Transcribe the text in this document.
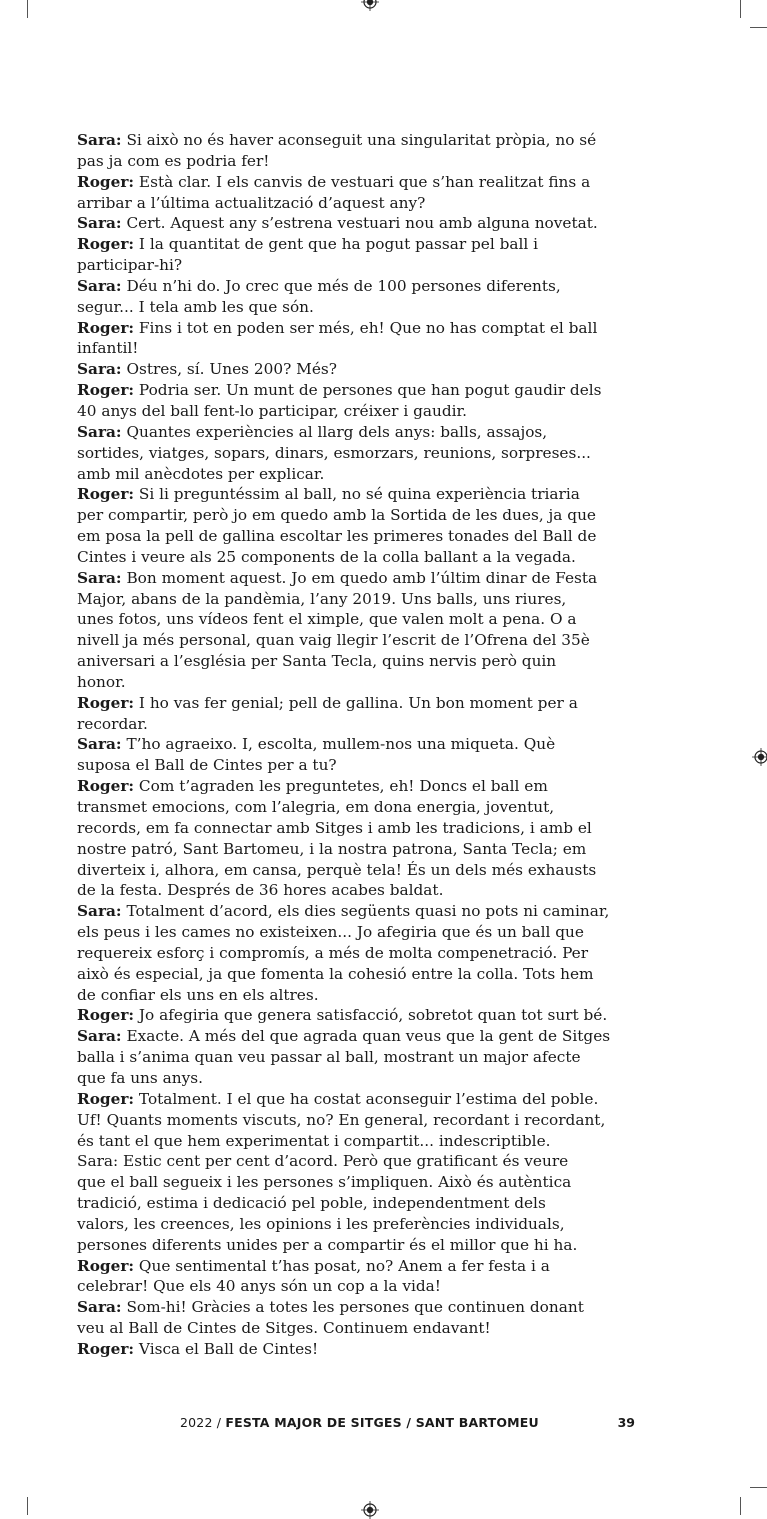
Sara: Si això no és haver aconseguit una singularitat pròpia, no sé
pas ja com es podria fer!
Roger: Està clar. I els canvis de vestuari que s’han realitzat fins a
arribar a l’última actualització d’aquest any?
Sara: Cert. Aquest any s’estrena vestuari nou amb alguna novetat.
Roger: I la quantitat de gent que ha pogut passar pel ball i
participar-hi?
Sara: Déu n’hi do. Jo crec que més de 100 persones diferents,
segur... I tela amb les que són.
Roger: Fins i tot en poden ser més, eh! Que no has comptat el ball
infantil!
Sara: Ostres, sí. Unes 200? Més?
Roger: Podria ser. Un munt de persones que han pogut gaudir dels
40 anys del ball fent-lo participar, créixer i gaudir.
Sara: Quantes experiències al llarg dels anys: balls, assajos,
sortides, viatges, sopars, dinars, esmorzars, reunions, sorpreses...
amb mil anècdotes per explicar.
Roger: Si li preguntéssim al ball, no sé quina experiència triaria
per compartir, però jo em quedo amb la Sortida de les dues, ja que
em posa la pell de gallina escoltar les primeres tonades del Ball de
Cintes i veure als 25 components de la colla ballant a la vegada.
Sara: Bon moment aquest. Jo em quedo amb l’últim dinar de Festa
Major, abans de la pandèmia, l’any 2019. Uns balls, uns riures,
unes fotos, uns vídeos fent el ximple, que valen molt a pena. O a
nivell ja més personal, quan vaig llegir l’escrit de l’Ofrena del 35è
aniversari a l’església per Santa Tecla, quins nervis però quin
honor.
Roger: I ho vas fer genial; pell de gallina. Un bon moment per a
recordar.
Sara: T’ho agraeixo. I, escolta, mullem-nos una miqueta. Què
suposa el Ball de Cintes per a tu?
Roger: Com t’agraden les preguntetes, eh! Doncs el ball em
transmet emocions, com l’alegria, em dona energia, joventut,
records, em fa connectar amb Sitges i amb les tradicions, i amb el
nostre patró, Sant Bartomeu, i la nostra patrona, Santa Tecla; em
diverteix i, alhora, em cansa, perquè tela! És un dels més exhausts
de la festa. Després de 36 hores acabes baldat.
Sara: Totalment d’acord, els dies següents quasi no pots ni caminar,
els peus i les cames no existeixen... Jo afegiria que és un ball que
requereix esforç i compromís, a més de molta compenetració. Per
això és especial, ja que fomenta la cohesió entre la colla. Tots hem
de confiar els uns en els altres.
Roger: Jo afegiria que genera satisfacció, sobretot quan tot surt bé.
Sara: Exacte. A més del que agrada quan veus que la gent de Sitges
balla i s’anima quan veu passar al ball, mostrant un major afecte
que fa uns anys.
Roger: Totalment. I el que ha costat aconseguir l’estima del poble.
Uf! Quants moments viscuts, no? En general, recordant i recordant,
és tant el que hem experimentat i compartit... indescriptible.
Sara: Estic cent per cent d’acord. Però que gratificant és veure
que el ball segueix i les persones s’impliquen. Això és autèntica
tradició, estima i dedicació pel poble, independentment dels
valors, les creences, les opinions i les preferències individuals,
persones diferents unides per a compartir és el millor que hi ha.
Roger: Que sentimental t’has posat, no? Anem a fer festa i a
celebrar! Que els 40 anys són un cop a la vida!
Sara: Som-hi! Gràcies a totes les persones que continuen donant
veu al Ball de Cintes de Sitges. Continuem endavant!
Roger: Visca el Ball de Cintes!
2022 / FESTA MAJOR DE SITGES / SANT BARTOMEU	39
